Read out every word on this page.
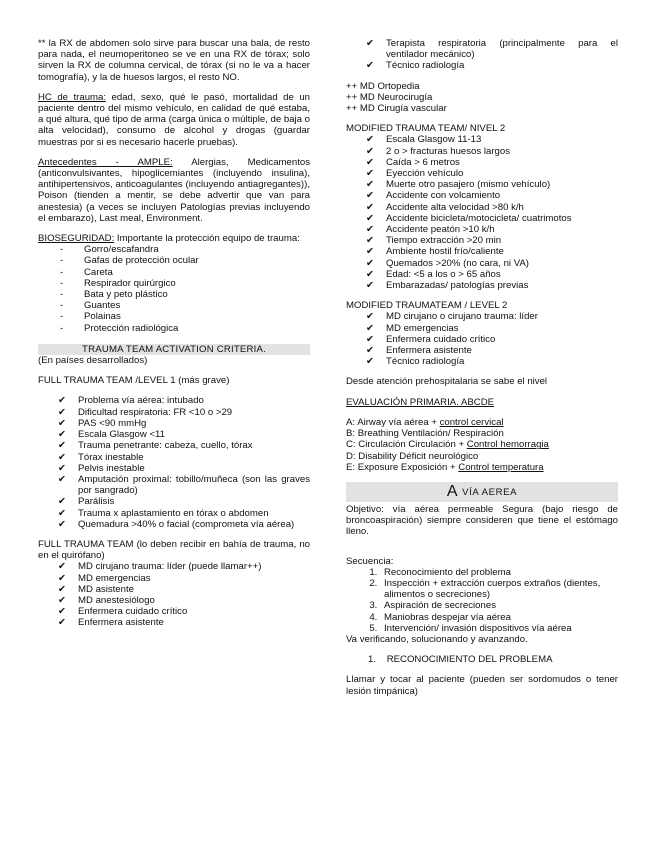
** la RX de abdomen solo sirve para buscar una bala, de resto para nada, el neumoperitoneo se ve en una RX de tórax; solo sirven la RX de columna cervical, de tórax (si no le va a hacer tomografía), y la de huesos largos, el resto NO.

HC de trauma: edad, sexo, qué le pasó, mortalidad de un paciente dentro del mismo vehículo, en calidad de qué estaba, a qué altura, qué tipo de arma (carga única o múltiple, de baja o alta velocidad), consumo de alcohol y drogas (guardar muestras por si es necesario hacerle pruebas).

Antecedentes - AMPLE: Alergias, Medicamentos (anticonvulsivantes, hipoglicemiantes (incluyendo insulina), antihipertensivos, anticoagulantes (incluyendo antiagregantes)), Poison (tienden a mentir, se debe advertir que van para anestesia) (a veces se incluyen Patologías previas incluyendo el embarazo), Last meal, Environment.

BIOSEGURIDAD: Importante la protección equipo de trauma:

- Gorro/escafandra
- Gafas de protección ocular
- Careta
- Respirador quirúrgico
- Bata y peto plástico
- Guantes
- Polainas
- Protección radiológica
TRAUMA TEAM ACTIVATION CRITERIA.

(En países desarrollados)

FULL TRAUMA TEAM /LEVEL 1 (más grave)

✔ Problema vía aérea: intubado
✔ Dificultad respiratoria: FR <10 o >29
✔ PAS <90 mmHg
✔ Escala Glasgow <11
✔ Trauma penetrante: cabeza, cuello, tórax
✔ Tórax inestable
✔ Pelvis inestable
✔ Amputación proximal: tobillo/muñeca (son las graves por sangrado)
✔ Parálisis
✔ Trauma x aplastamiento en tórax o abdomen
✔ Quemadura >40% o facial (comprometa vía aérea)

FULL TRAUMA TEAM (lo deben recibir en bahía de trauma, no en el quirófano)

✔ MD cirujano trauma: líder (puede llamar++)
✔ MD emergencias
✔ MD asistente
✔ MD anestesiólogo
✔ Enfermera cuidado crítico
✔ Enfermera asistente
✔ Terapista respiratoria (principalmente para el ventilador mecánico)
✔ Técnico radiología
++ MD Ortopedia
++ MD Neurocirugía
++ MD Cirugía vascular

MODIFIED TRAUMA TEAM/ NIVEL 2

✔ Escala Glasgow 11-13
✔ 2 o > fracturas huesos largos
✔ Caída > 6 metros
✔ Eyección vehículo
✔ Muerte otro pasajero (mismo vehículo)
✔ Accidente con volcamiento
✔ Accidente alta velocidad >80 k/h
✔ Accidente bicicleta/motocicleta/ cuatrimotos
✔ Accidente peatón >10 k/h
✔ Tiempo extracción >20 min
✔ Ambiente hostil frío/caliente
✔ Quemados >20% (no cara, ni VA)
✔ Edad: <5 a los o > 65 años
✔ Embarazadas/ patologías previas

MODIFIED TRAUMATEAM / LEVEL 2

✔ MD cirujano o cirujano trauma: líder
✔ MD emergencias
✔ Enfermera cuidado crítico
✔ Enfermera asistente
✔ Técnico radiología

Desde atención prehospitalaria se sabe el nivel

EVALUACIÓN PRIMARIA. ABCDE

A: Airway vía aérea + control cervical
B: Breathing Ventilación/ Respiración
C: Circulación Circulación + Control hemorragia
D: Disability Déficit neurológico
E: Exposure Exposición + Control temperatura
AVÍA AEREA

Objetivo: vía aérea permeable Segura (bajo riesgo de broncoaspiración) siempre consideren que tiene el estómago lleno.

Secuencia:

1. Reconocimiento del problema
2. Inspección + extracción cuerpos extraños (dientes, alimentos o secreciones)
3. Aspiración de secreciones
4. Maniobras despejar vía aérea
5. Intervención/ invasión dispositivos vía aérea

Va verificando, solucionando y avanzando.

1. RECONOCIMIENTO DEL PROBLEMA

Llamar y tocar al paciente (pueden ser sordomudos o tener lesión timpánica)
